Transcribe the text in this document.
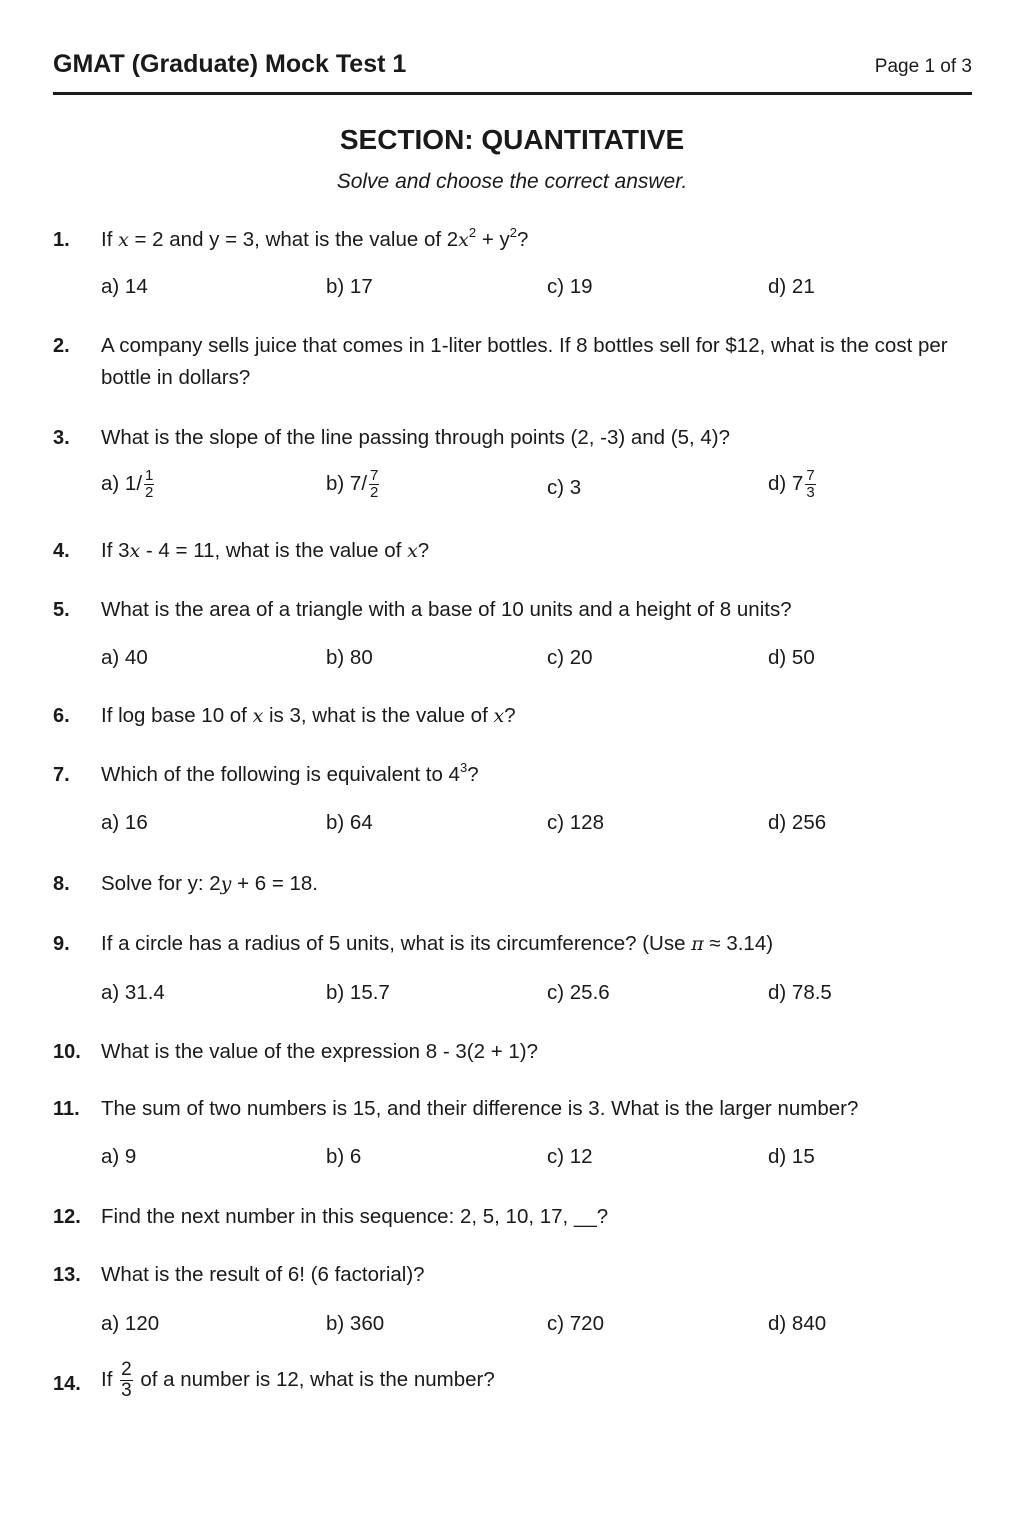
GMAT (Graduate) Mock Test 1	Page 1 of 3
SECTION: QUANTITATIVE
Solve and choose the correct answer.
1. If x = 2 and y = 3, what is the value of $2x^2 + y^2$?
a) 14	b) 17	c) 19	d) 21
2. A company sells juice that comes in 1-liter bottles. If 8 bottles sell for $12, what is the cost per bottle in dollars?
3. What is the slope of the line passing through points (2, -3) and (5, 4)?
a) $1/ \frac{1}{2}$	b) $7/ \frac{7}{2}$	c) 3	d) $7 \frac{7}{3}$
4. If 3x - 4 = 11, what is the value of x?
5. What is the area of a triangle with a base of 10 units and a height of 8 units?
a) 40	b) 80	c) 20	d) 50
6. If log base 10 of x is 3, what is the value of x?
7. Which of the following is equivalent to $4^3$?
a) 16	b) 64	c) 128	d) 256
8. Solve for y: 2y + 6 = 18.
9. If a circle has a radius of 5 units, what is its circumference? (Use π ≈ 3.14)
a) 31.4	b) 15.7	c) 25.6	d) 78.5
10. What is the value of the expression 8 - 3(2 + 1)?
11. The sum of two numbers is 15, and their difference is 3. What is the larger number?
a) 9	b) 6	c) 12	d) 15
12. Find the next number in this sequence: 2, 5, 10, 17, __?
13. What is the result of 6! (6 factorial)?
a) 120	b) 360	c) 720	d) 840
14. If $\frac{2}{3}$ of a number is 12, what is the number?
